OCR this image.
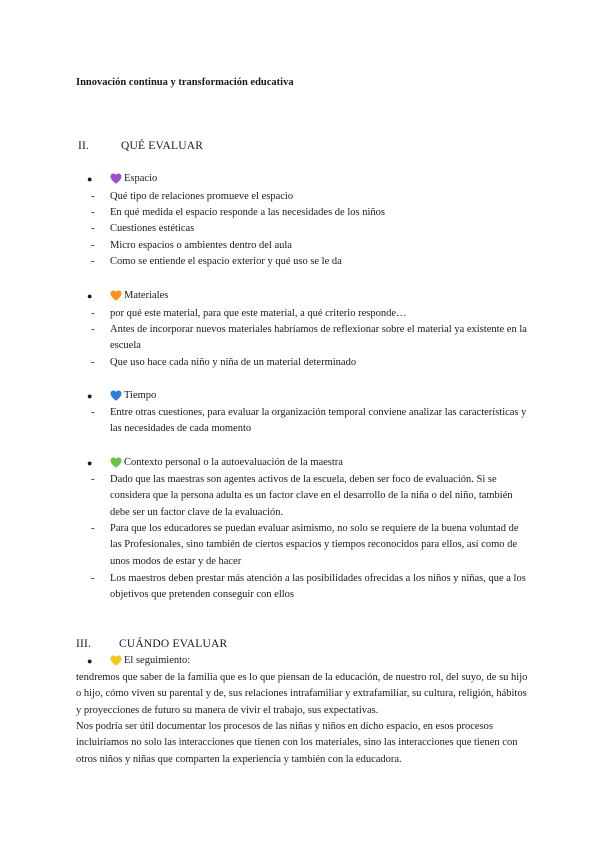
Innovación continua y transformación educativa
II.	QUÉ EVALUAR
●	Espacio
- Qué tipo de relaciones promueve el espacio
- En qué medida el espacio responde a las necesidades de los niños
- Cuestiones estéticas
- Micro espacios o ambientes dentro del aula
- Como se entiende el espacio exterior y qué uso se le da
●	Materiales
- por qué este material, para que este material, a qué criterio responde…
- Antes de incorporar nuevos materiales habríamos de reflexionar sobre el material ya existente en la escuela
- Que uso hace cada niño y niña de un material determinado
●	Tiempo
- Entre otras cuestiones, para evaluar la organización temporal conviene analizar las características y las necesidades de cada momento
●	Contexto personal o la autoevaluación de la maestra
- Dado que las maestras son agentes activos de la escuela, deben ser foco de evaluación. Si se considera que la persona adulta es un factor clave en el desarrollo de la niña o del niño, también debe ser un factor clave de la evaluación.
- Para que los educadores se puedan evaluar asimismo, no solo se requiere de la buena voluntad de las Profesionales, sino también de ciertos espacios y tiempos reconocidos para ellos, así como de unos modos de estar y de hacer
- Los maestros deben prestar más atención a las posibilidades ofrecidas a los niños y niñas, que a los objetivos que pretenden conseguir con ellos
III. CUÁNDO EVALUAR
●	El seguimiento:
tendremos que saber de la familia que es lo que piensan de la educación, de nuestro rol, del suyo, de su hijo o hijo, cómo viven su parental y de, sus relaciones intrafamiliar y extrafamiliar, su cultura, religión, hábitos y proyecciones de futuro su manera de vivir el trabajo, sus expectativas.
Nos podría ser útil documentar los procesos de las niñas y niños en dicho espacio, en esos procesos incluiríamos no solo las interacciones que tienen con los materiales, sino las interacciones que tienen con otros niños y niñas que comparten la experiencia y también con la educadora.
